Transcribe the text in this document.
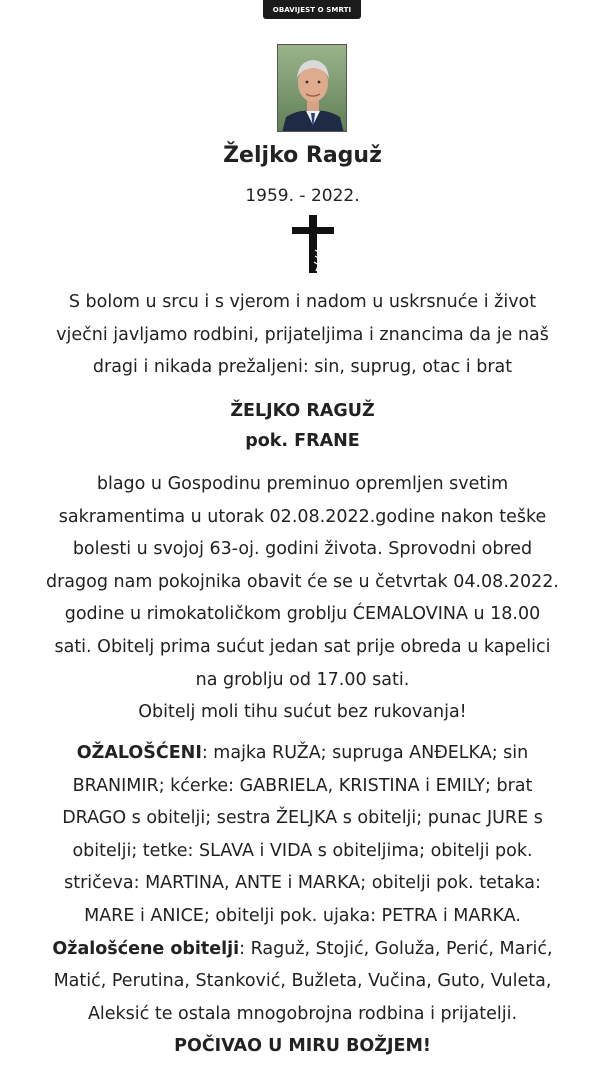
OBAVIJEST O SMRTI
Željko Raguž
1959. - 2022.
S bolom u srcu i s vjerom i nadom u uskrsnuće i život
vječni javljamo rodbini, prijateljima i znancima da je naš
dragi i nikada prežaljeni: sin, suprug, otac i brat
ŽELJKO RAGUŽ
pok. FRANE
blago u Gospodinu preminuo opremljen svetim
sakramentima u utorak 02.08.2022.godine nakon teške
bolesti u svojoj 63-oj. godini života. Sprovodni obred
dragog nam pokojnika obavit će se u četvrtak 04.08.2022.
godine u rimokatoličkom groblju ĆEMALOVINA u 18.00
sati. Obitelj prima sućut jedan sat prije obreda u kapelici
na groblju od 17.00 sati.
Obitelj moli tihu sućut bez rukovanja!
OŽALOŠĆENI: majka RUŽA; supruga ANĐELKA; sin
BRANIMIR; kćerke: GABRIELA, KRISTINA i EMILY; brat
DRAGO s obitelji; sestra ŽELJKA s obitelji; punac JURE s
obitelji; tetke: SLAVA i VIDA s obiteljima; obitelji pok.
stričeva: MARTINA, ANTE i MARKA; obitelji pok. tetaka:
MARE i ANICE; obitelji pok. ujaka: PETRA i MARKA.
Ožalošćene obitelji: Raguž, Stojić, Goluža, Perić, Marić,
Matić, Perutina, Stanković, Bužleta, Vučina, Guto, Vuleta,
Aleksić te ostala mnogobrojna rodbina i prijatelji.
POČIVAO U MIRU BOŽJEM!
